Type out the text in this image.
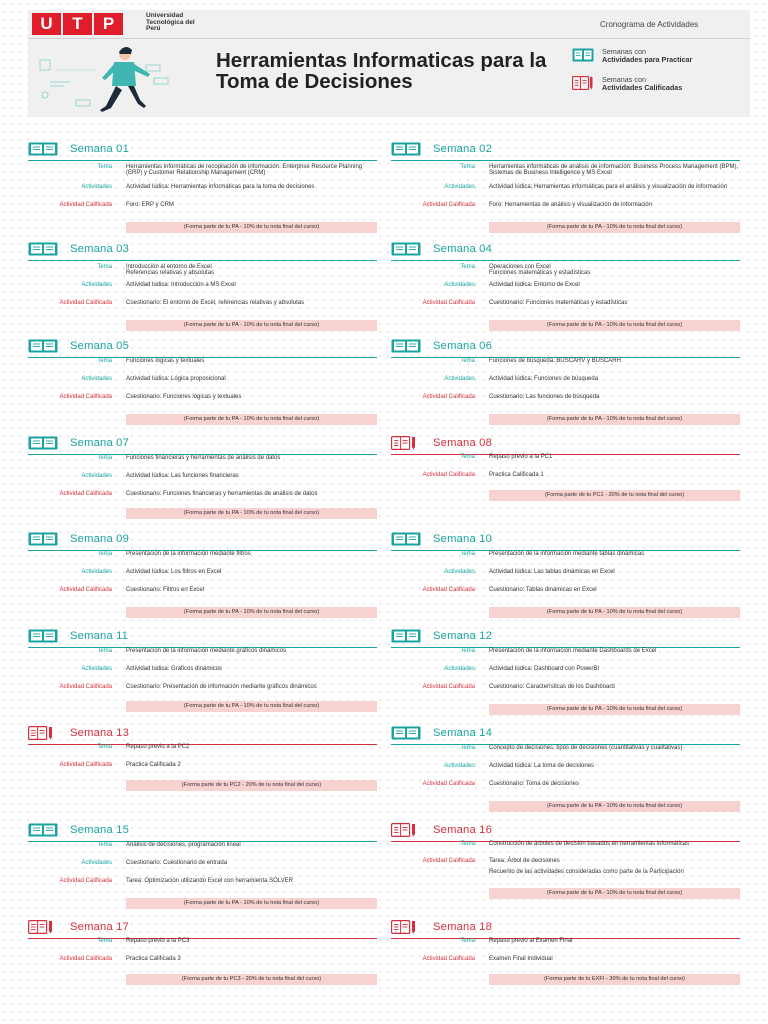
U	T	P	Universidad Tecnológica del Perú	Cronograma de Actividades
Herramientas Informaticas para la Toma de Decisiones
Semanas con
Actividades para Practicar
Semanas con
Actividades Calificadas
Semana 01
Tema Herramientas informáticas de recopilación de información: Enterprise Resource Planning (ERP) y Customer Relationship Management (CRM)
Actividades Actividad lúdica: Herramientas informáticas para la toma de decisiones
Actividad Calificada Foro: ERP y CRM
(Forma parte de tu PA - 10% de tu nota final del curso)
Semana 02
Tema Herramientas informáticas de análisis de información: Business Process Management (BPM), Sistemas de Business Intelligence y MS Excel
Actividades Actividad lúdica: Herramientas informáticas para el análisis y visualización de información
Actividad Calificada Foro: Herramientas de análisis y visualización de información
(Forma parte de tu PA - 10% de tu nota final del curso)
Semana 03
Tema Introducción al entorno de Excel
Referencias relativas y absolutas
Actividades Actividad lúdica: Introducción a MS Excel
Actividad Calificada Cuestionario: El entorno de Excel, referencias relativas y absolutas
(Forma parte de tu PA - 10% de tu nota final del curso)
Semana 04
Tema Operaciones con Excel
Funciones matemáticas y estadísticas
Actividades Actividad lúdica: Entorno de Excel
Actividad Calificada Cuestionario: Funciones matemáticas y estadísticas
(Forma parte de tu PA - 10% de tu nota final del curso)
Semana 05
Tema Funciones lógicas y textuales
Actividades Actividad lúdica: Lógica proposicional
Actividad Calificada Cuestionario: Funciones lógicas y textuales
(Forma parte de tu PA - 10% de tu nota final del curso)
Semana 06
Tema Funciones de búsqueda: BUSCARV y BUSCARH
Actividades Actividad lúdica: Funciones de búsqueda
Actividad Calificada Cuestionario: Las funciones de búsqueda
(Forma parte de tu PA - 10% de tu nota final del curso)
Semana 07
Tema Funciones financieras y herramientas de análisis de datos
Actividades Actividad lúdica: Las funciones financieras
Actividad Calificada Cuestionario: Funciones financieras y herramientas de análisis de datos
(Forma parte de tu PA - 10% de tu nota final del curso)
Semana 08
Tema Repaso previo a la PC1
Actividad Calificada Practica Calificada 1
(Forma parte de tu PC1 - 20% de tu nota final del curso)
Semana 09
Tema Presentación de la información mediante filtros
Actividades Actividad lúdica: Los filtros en Excel
Actividad Calificada Cuestionario: Filtros en Excel
(Forma parte de tu PA - 10% de tu nota final del curso)
Semana 10
Tema Presentación de la información mediante tablas dinámicas
Actividades Actividad lúdica: Las tablas dinámicas en Excel
Actividad Calificada Cuestionario: Tablas dinámicas en Excel
(Forma parte de tu PA - 10% de tu nota final del curso)
Semana 11
Tema Presentación de la información mediante gráficos dinámicos
Actividades Actividad lúdica: Gráficos dinámicos
Actividad Calificada Cuestionario: Presentación de información mediante gráficos dinámicos
(Forma parte de tu PA - 10% de tu nota final del curso)
Semana 12
Tema Presentación de la información mediante Dashboards de Excel
Actividades Actividad lúdica: Dashboard con PowerBI
Actividad Calificada Cuestionario: Características de los Dashboard
(Forma parte de tu PA - 10% de tu nota final del curso)
Semana 13
Tema Repaso previo a la PC2
Actividad Calificada Practica Calificada 2
(Forma parte de tu PC2 - 20% de tu nota final del curso)
Semana 14
Tema Concepto de decisiones, tipos de decisiones (cuantitativas y cualitativas)
Actividades Actividad lúdica: La toma de decisiones
Actividad Calificada Cuestionario: Toma de decisiones
(Forma parte de tu PA - 10% de tu nota final del curso)
Semana 15
Tema Análisis de decisiones, programación lineal
Actividades Cuestionario: Cuestionario de entrada
Actividad Calificada Tarea: Optimización utilizando Excel con herramienta SOLVER
(Forma parte de tu PA - 10% de tu nota final del curso)
Semana 16
Tema Construcción de árboles de decisión basados en herramientas informáticas
Actividad Calificada Tarea: Árbol de decisiones
Recuento de las actividades consideradas como parte de la Participación
(Forma parte de tu PA - 10% de tu nota final del curso)
Semana 17
Tema Repaso previo a la PC3
Actividad Calificada Practica Calificada 3
(Forma parte de tu PC3 - 20% de tu nota final del curso)
Semana 18
Tema Repaso previo al Examen Final
Actividad Calificada Examen Final Individual
(Forma parte de tu EXFI - 30% de tu nota final del curso)
